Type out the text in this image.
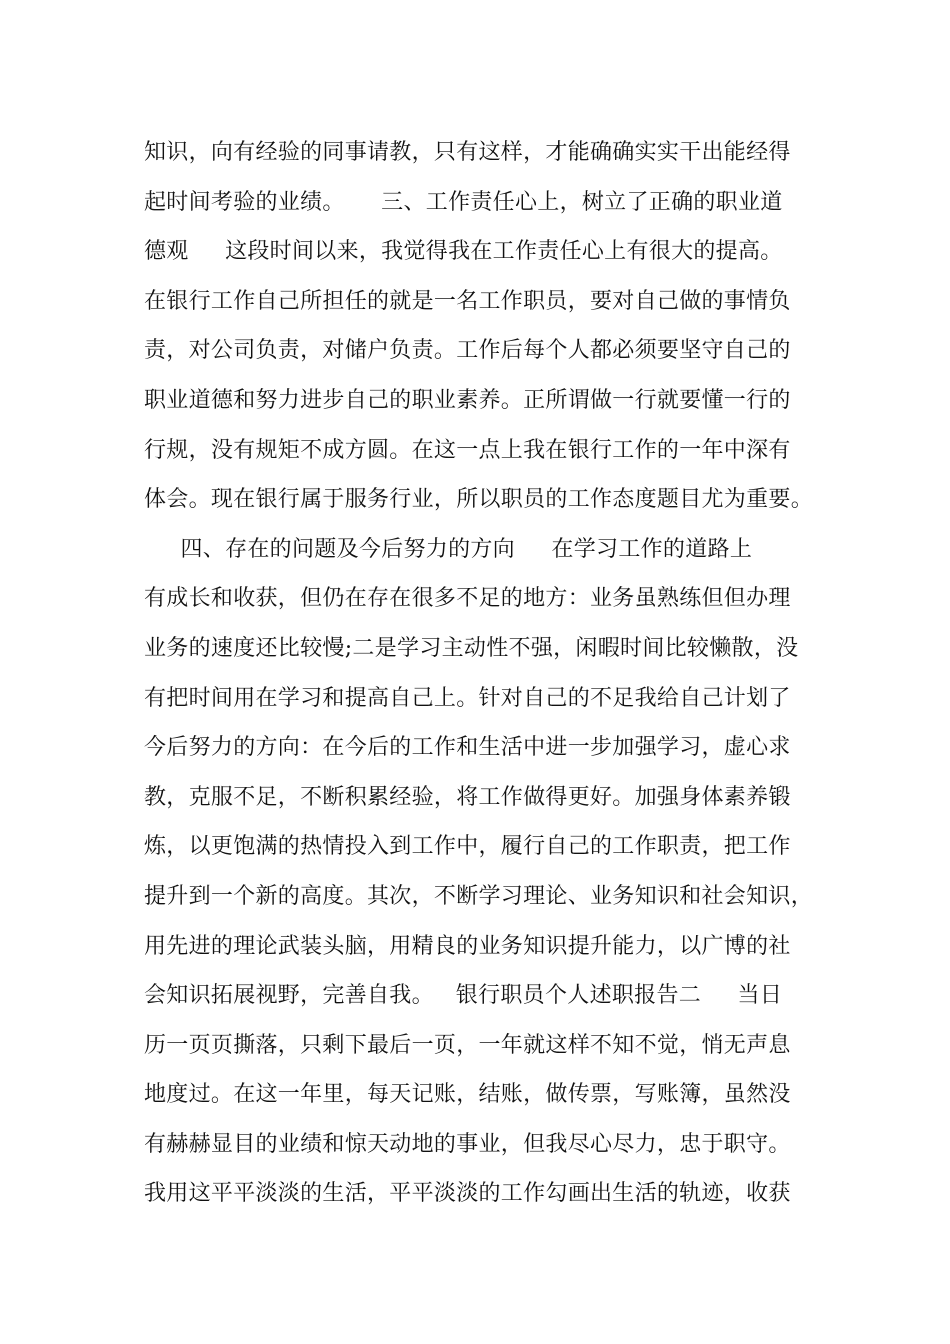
知识，向有经验的同事请教，只有这样，才能确确实实干出能经得
起时间考验的业绩。     三、工作责任心上，树立了正确的职业道
德观     这段时间以来，我觉得我在工作责任心上有很大的提高。
在银行工作自己所担任的就是一名工作职员，要对自己做的事情负
责，对公司负责，对储户负责。工作后每个人都必须要坚守自己的
职业道德和努力进步自己的职业素养。正所谓做一行就要懂一行的
行规，没有规矩不成方圆。在这一点上我在银行工作的一年中深有
体会。现在银行属于服务行业，所以职员的工作态度题目尤为重要。
四、存在的问题及今后努力的方向     在学习工作的道路上
有成长和收获，但仍在存在很多不足的地方：业务虽熟练但但办理
业务的速度还比较慢;二是学习主动性不强，闲暇时间比较懒散，没
有把时间用在学习和提高自己上。针对自己的不足我给自己计划了
今后努力的方向：在今后的工作和生活中进一步加强学习，虚心求
教，克服不足，不断积累经验，将工作做得更好。加强身体素养锻
炼，以更饱满的热情投入到工作中，履行自己的工作职责，把工作
提升到一个新的高度。其次，不断学习理论、业务知识和社会知识，
用先进的理论武装头脑，用精良的业务知识提升能力，以广博的社
会知识拓展视野，完善自我。   银行职员个人述职报告二     当日
历一页页撕落，只剩下最后一页，一年就这样不知不觉，悄无声息
地度过。在这一年里，每天记账，结账，做传票，写账簿，虽然没
有赫赫显目的业绩和惊天动地的事业，但我尽心尽力，忠于职守。
我用这平平淡淡的生活，平平淡淡的工作勾画出生活的轨迹，收获
